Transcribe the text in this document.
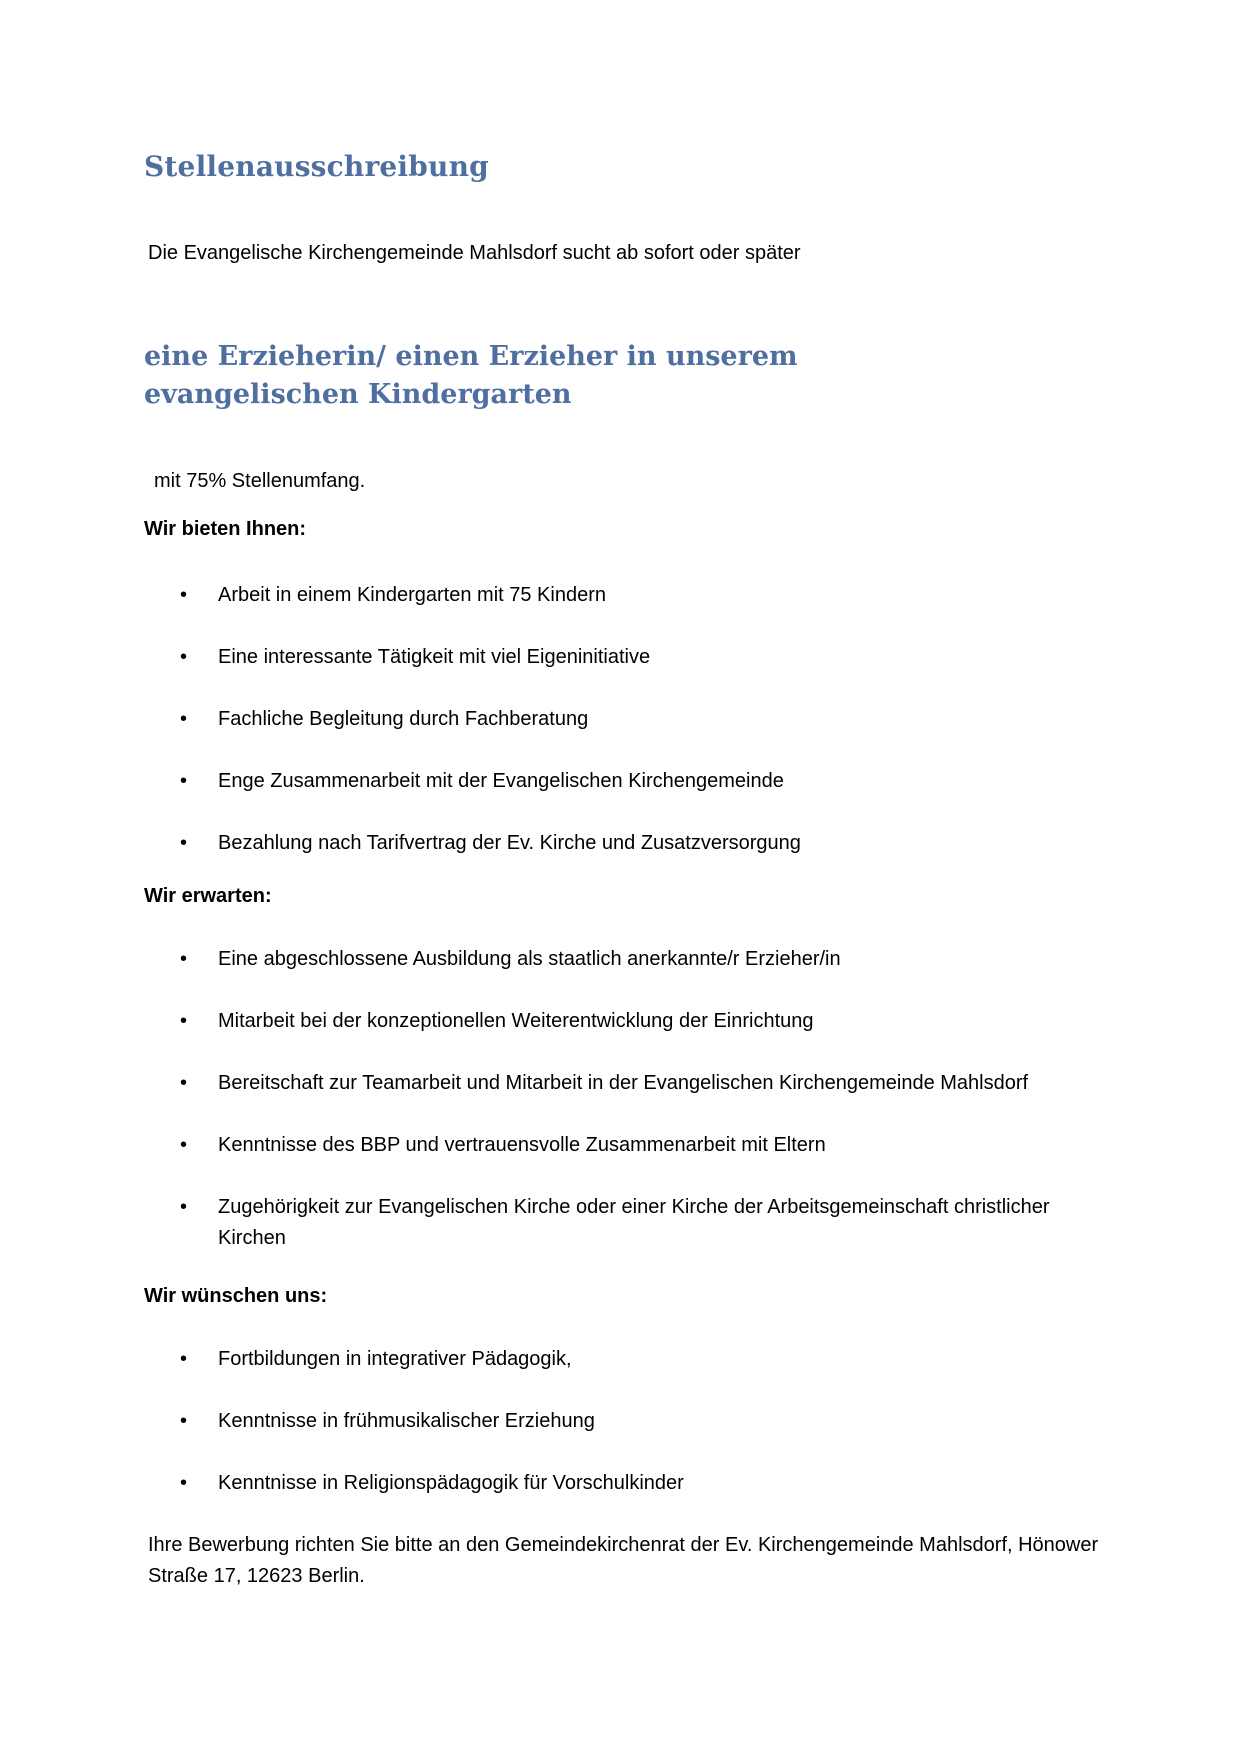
Stellenausschreibung

Die Evangelische Kirchengemeinde Mahlsdorf sucht ab sofort oder später

eine Erzieherin/ einen Erzieher in unserem evangelischen Kindergarten

mit 75% Stellenumfang.

Wir bieten Ihnen:

• Arbeit in einem Kindergarten mit 75 Kindern
• Eine interessante Tätigkeit mit viel Eigeninitiative
• Fachliche Begleitung durch Fachberatung
• Enge Zusammenarbeit mit der Evangelischen Kirchengemeinde
• Bezahlung nach Tarifvertrag der Ev. Kirche und Zusatzversorgung

Wir erwarten:

• Eine abgeschlossene Ausbildung als staatlich anerkannte/r Erzieher/in
• Mitarbeit bei der konzeptionellen Weiterentwicklung der Einrichtung
• Bereitschaft zur Teamarbeit und Mitarbeit in der Evangelischen Kirchengemeinde Mahlsdorf
• Kenntnisse des BBP und vertrauensvolle Zusammenarbeit mit Eltern
• Zugehörigkeit zur Evangelischen Kirche oder einer Kirche der Arbeitsgemeinschaft christlicher Kirchen

Wir wünschen uns:

• Fortbildungen in integrativer Pädagogik,
• Kenntnisse in frühmusikalischer Erziehung
• Kenntnisse in Religionspädagogik für Vorschulkinder

Ihre Bewerbung richten Sie bitte an den Gemeindekirchenrat der Ev. Kirchengemeinde Mahlsdorf, Hönower Straße 17, 12623 Berlin.
